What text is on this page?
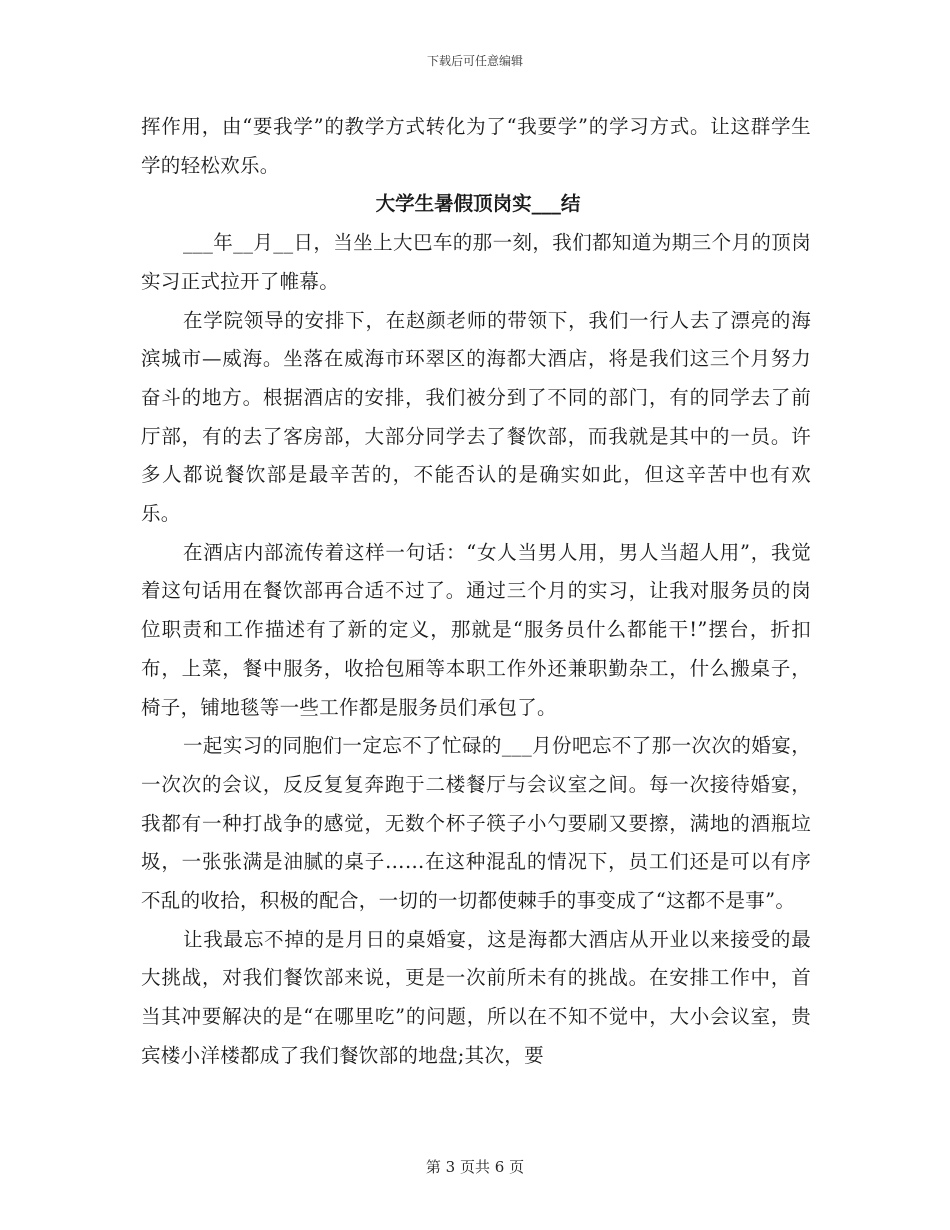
下载后可任意编辑

挥作用，由“要我学”的教学方式转化为了“我要学”的学习方式。让这群学生学的轻松欢乐。

大学生暑假顶岗实___结

___年__月__日，当坐上大巴车的那一刻，我们都知道为期三个月的顶岗实习正式拉开了帷幕。

在学院领导的安排下，在赵颜老师的带领下，我们一行人去了漂亮的海滨城市—威海。坐落在威海市环翠区的海都大酒店，将是我们这三个月努力奋斗的地方。根据酒店的安排，我们被分到了不同的部门，有的同学去了前厅部，有的去了客房部，大部分同学去了餐饮部，而我就是其中的一员。许多人都说餐饮部是最辛苦的，不能否认的是确实如此，但这辛苦中也有欢乐。

在酒店内部流传着这样一句话：“女人当男人用，男人当超人用”，我觉着这句话用在餐饮部再合适不过了。通过三个月的实习，让我对服务员的岗位职责和工作描述有了新的定义，那就是“服务员什么都能干!”摆台，折扣布，上菜，餐中服务，收拾包厢等本职工作外还兼职勤杂工，什么搬桌子，椅子，铺地毯等一些工作都是服务员们承包了。

一起实习的同胞们一定忘不了忙碌的___月份吧忘不了那一次次的婚宴，一次次的会议，反反复复奔跑于二楼餐厅与会议室之间。每一次接待婚宴，我都有一种打战争的感觉，无数个杯子筷子小勺要刷又要擦，满地的酒瓶垃圾，一张张满是油腻的桌子……在这种混乱的情况下，员工们还是可以有序不乱的收拾，积极的配合，一切的一切都使棘手的事变成了“这都不是事”。

让我最忘不掉的是月日的桌婚宴，这是海都大酒店从开业以来接受的最大挑战，对我们餐饮部来说，更是一次前所未有的挑战。在安排工作中，首当其冲要解决的是“在哪里吃”的问题，所以在不知不觉中，大小会议室，贵宾楼小洋楼都成了我们餐饮部的地盘;其次，要

第 3 页共 6 页
